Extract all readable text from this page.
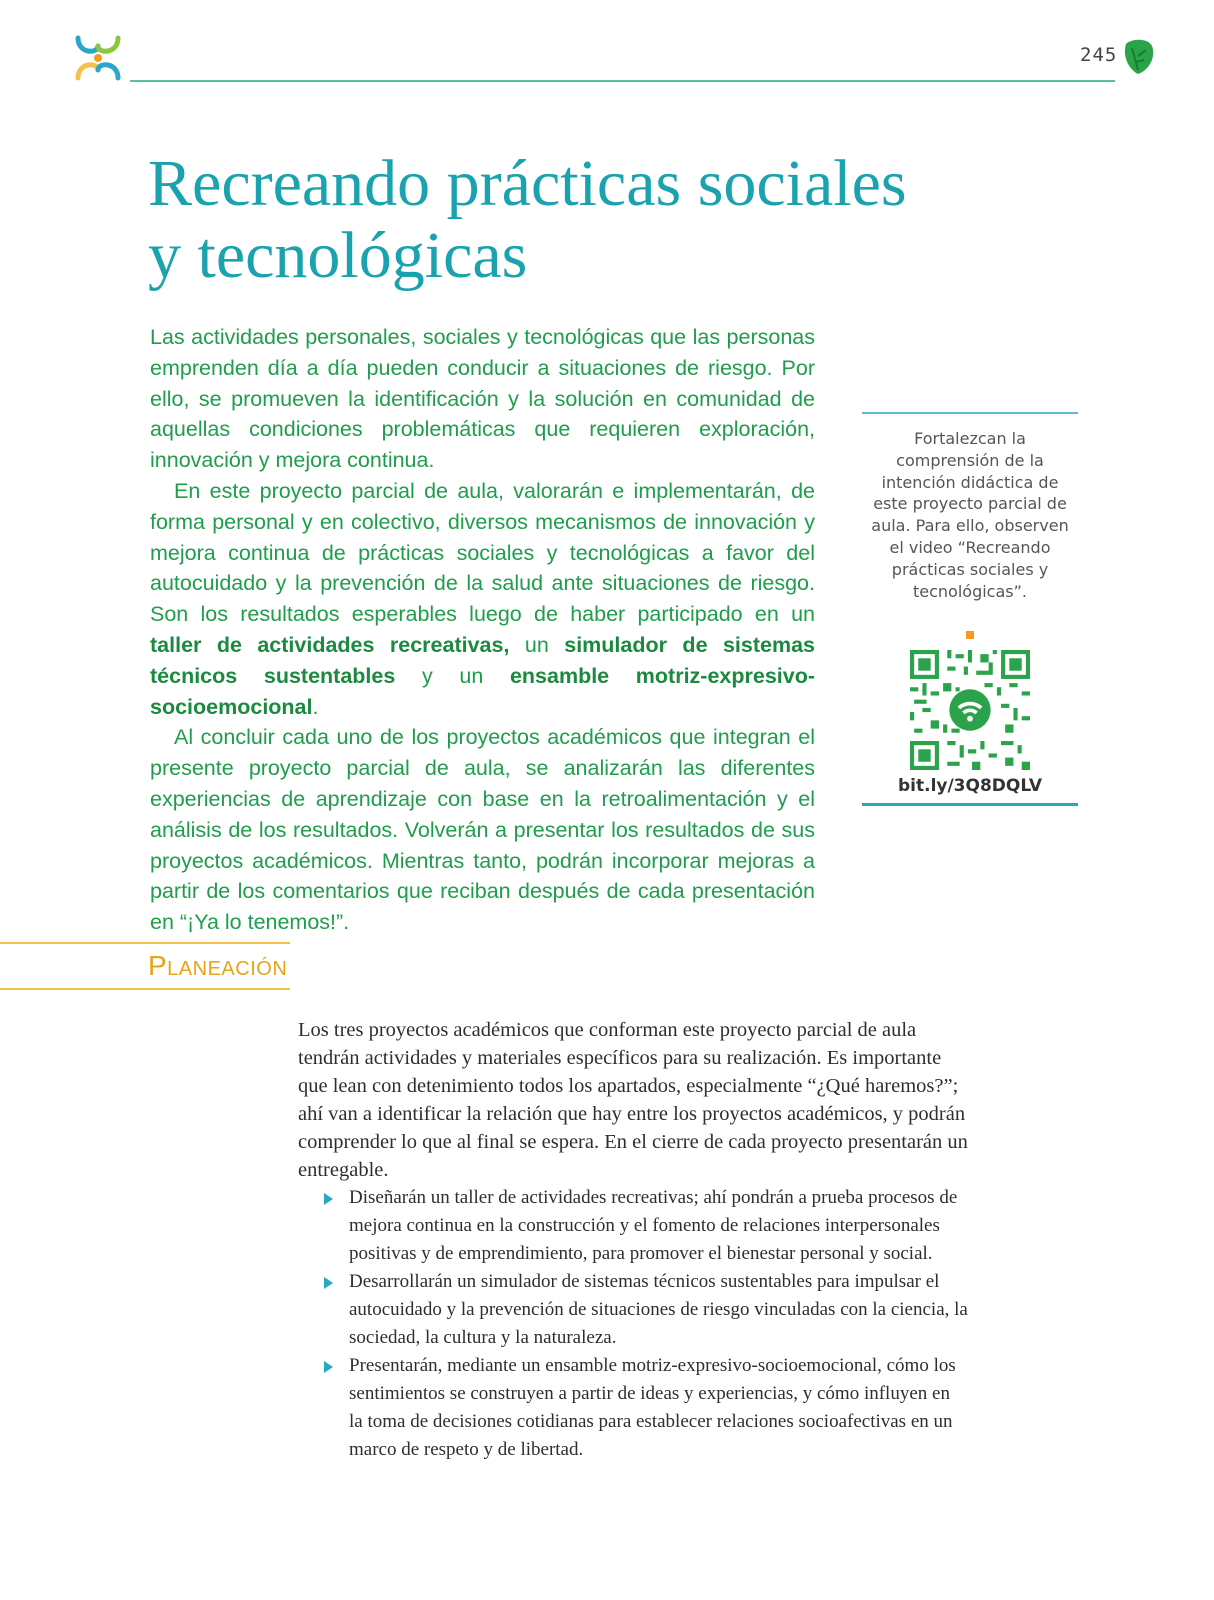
245
Recreando prácticas sociales
y tecnológicas

Las actividades personales, sociales y tecnológicas que las personas emprenden día a día pueden conducir a situaciones de riesgo. Por ello, se promueven la identificación y la solución en comunidad de aquellas condiciones problemáticas que requieren exploración, innovación y mejora continua.

En este proyecto parcial de aula, valorarán e implementarán, de forma personal y en colectivo, diversos mecanismos de innovación y mejora continua de prácticas sociales y tecnológicas a favor del autocuidado y la prevención de la salud ante situaciones de riesgo. Son los resultados esperables luego de haber participado en un taller de actividades recreativas, un simulador de sistemas técnicos sustentables y un ensamble motriz-expresivo-socioemocional.

Al concluir cada uno de los proyectos académicos que integran el presente proyecto parcial de aula, se analizarán las diferentes experiencias de aprendizaje con base en la retroalimentación y el análisis de los resultados. Volverán a presentar los resultados de sus proyectos académicos. Mientras tanto, podrán incorporar mejoras a partir de los comentarios que reciban después de cada presentación en “¡Ya lo tenemos!”.

Fortalezcan la comprensión de la intención didáctica de este proyecto parcial de aula. Para ello, observen el video “Recreando prácticas sociales y tecnológicas”.
bit.ly/3Q8DQLV
Planeación

Los tres proyectos académicos que conforman este proyecto parcial de aula tendrán actividades y materiales específicos para su realización. Es importante que lean con detenimiento todos los apartados, especialmente “¿Qué haremos?”; ahí van a identificar la relación que hay entre los proyectos académicos, y podrán comprender lo que al final se espera. En el cierre de cada proyecto presentarán un entregable.

Diseñarán un taller de actividades recreativas; ahí pondrán a prueba procesos de mejora continua en la construcción y el fomento de relaciones interpersonales positivas y de emprendimiento, para promover el bienestar personal y social.
Desarrollarán un simulador de sistemas técnicos sustentables para impulsar el autocuidado y la prevención de situaciones de riesgo vinculadas con la ciencia, la sociedad, la cultura y la naturaleza.
Presentarán, mediante un ensamble motriz-expresivo-socioemocional, cómo los sentimientos se construyen a partir de ideas y experiencias, y cómo influyen en la toma de decisiones cotidianas para establecer relaciones socioafectivas en un marco de respeto y de libertad.
